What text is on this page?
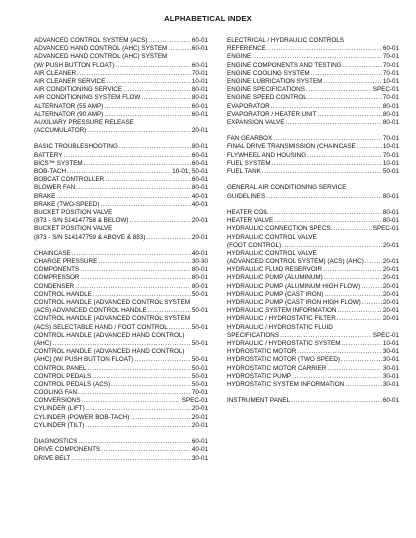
ALPHABETICAL INDEX
ADVANCED CONTROL SYSTEM (ACS) .....	60-01
ADVANCED HAND CONTROL (AHC) SYSTEM .....	60-01
ADVANCED HAND CONTROL (AHC) SYSTEM
(W/ PUSH BUTTON FLOAT) .....	60-01
AIR CLEANER .....	70-01
AIR CLEANER SERVICE .....	10-01
AIR CONDITIONING SERVICE .....	80-01
AIR CONDITIONING SYSTEM FLOW .....	80-01
ALTERNATOR (55 AMP) .....	60-01
ALTERNATOR (90 AMP) .....	60-01
AUXILIARY PRESSURE RELEASE
(ACCUMULATOR) .....	20-01
BASIC TROUBLESHOOTING .....	80-01
BATTERY .....	60-01
BICS™ SYSTEM .....	60-01
BOB-TACH .....	10-01, 50-01
BOBCAT CONTROLLER .....	60-01
BLOWER FAN .....	80-01
BRAKE .....	40-01
BRAKE (TWO-SPEED) .....	40-01
BUCKET POSITION VALVE
(873 - S/N 514147758 & BELOW) .....	20-01
BUCKET POSITION VALVE
(873 - S/N 514147759 & ABOVE & 883) .....	20-01
CHAINCASE .....	40-01
CHARGE PRESSURE .....	30-30
COMPONENTS .....	80-01
COMPRESSOR .....	80-01
CONDENSER .....	80-01
CONTROL HANDLE .....	50-01
CONTROL HANDLE (ADVANCED CONTROL SYSTEM
(ACS) ADVANCED CONTROL HANDLE .....	50-01
CONTROL HANDLE (ADVANCED CONTROL SYSTEM
(ACS) SELECTABLE HAND / FOOT CONTROL .....	50-01
CONTROL HANDLE (ADVANCED HAND CONTROL)
(AHC) .....	50-01
CONTROL HANDLE (ADVANCED HAND CONTROL)
(AHC) (W/ PUSH BUTTON FLOAT) .....	50-01
CONTROL PANEL .....	50-01
CONTROL PEDALS .....	50-01
CONTROL PEDALS (ACS) .....	50-01
COOLING FAN .....	70-01
CONVERSIONS .....	SPEC-01
CYLINDER (LIFT) .....	20-01
CYLINDER (POWER BOB-TACH) .....	20-01
CYLINDER (TILT) .....	20-01
DIAGNOSTICS .....	60-01
DRIVE COMPONENTS .....	40-01
DRIVE BELT .....	30-01
ELECTRICAL / HYDRAULIC CONTROLS
REFERENCE .....	60-01
ENGINE .....	70-01
ENGINE COMPONENTS AND TESTING .....	70-01
ENGINE COOLING SYSTEM .....	70-01
ENGINE LUBRICATION SYSTEM .....	10-01
ENGINE SPECIFICATIONS .....	SPEC-01
ENGINE SPEED CONTROL .....	70-01
EVAPORATOR .....	80-01
EVAPORATOR / HEATER UNIT .....	80-01
EXPANSION VALVE .....	80-01
FAN GEARBOX .....	70-01
FINAL DRIVE TRANSMISSION (CHAINCASE .....	10-01
FLYWHEEL AND HOUSING .....	70-01
FUEL SYSTEM .....	10-01
FUEL TANK .....	50-01
GENERAL AIR CONDITIONING SERVICE
GUIDELINES .....	80-01
HEATER COIL .....	80-01
HEATER VALVE .....	80-01
HYDRAULIC CONNECTION SPECS. .....	SPEC-01
HYDRAULIC CONTROL VALVE
(FOOT CONTROL) .....	20-01
HYDRAULIC CONTROL VALVE
(ADVANCED CONTROL SYSTEM) (ACS) (AHC) .....	20-01
HYDRAULIC FLUID RESERVOIR .....	20-01
HYDRAULIC PUMP (ALUMINUM) .....	20-01
HYDRAULIC PUMP (ALUMINUM HIGH FLOW) .....	20-01
HYDRAULIC PUMP (CAST IRON) .....	20-01
HYDRAULIC PUMP (CAST IRON HIGH FLOW) .....	20-01
HYDRAULIC SYSTEM INFORMATION .....	20-01
HYDRAULIC / HYDROSTATIC FILTER .....	20-01
HYDRAULIC / HYDROSTATIC FLUID
SPECIFICATIONS .....	SPEC-01
HYDRAULIC / HYDROSTATIC SYSTEM .....	10-01
HYDROSTATIC MOTOR .....	30-01
HYDROSTATIC MOTOR (TWO SPEED) .....	30-01
HYDROSTATIC MOTOR CARRIER .....	30-01
HYDROSTATIC PUMP .....	30-01
HYDROSTATIC SYSTEM INFORMATION .....	30-01
INSTRUMENT PANEL .....	60-01
